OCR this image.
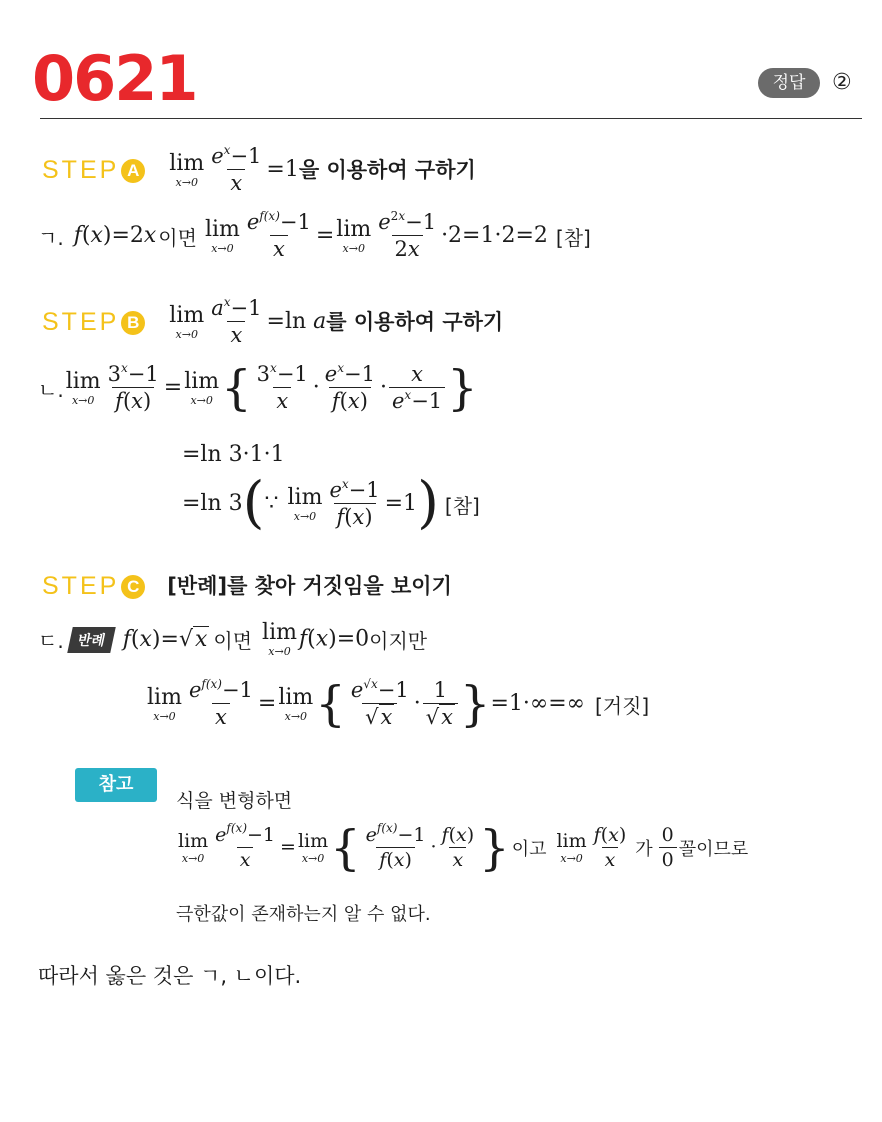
0621	정답	②
STEP A lim
$x\to 0 \frac{e^x-1}{x} =1$ 을 이용하여 구하기
ㄱ. f(x)=2x 이면 lim
$x\to 0 \frac{e^{f(x)}-1}{x} = \lim$
$x\to 0 \frac{e^{2x}-1}{2x} \cdot 2=1\cdot 2=2$ [참]
STEP B lim
$x\to 0 \frac{a^x-1}{x} =\ln$ a 를 이용하여 구하기
ㄴ. lim
$x\to 0 \frac{3^x-1}{f(x)} = \lim$
x→0 { $\frac{3^x-1}{x} \cdot \frac{e^x-1}{f(x)} \cdot \frac{x}{e^x-1}$ }
=ln 3·1·1
=ln 3(∵ lim
$x\to 0 \frac{e^x-1}{f(x)} =1$) [참]
STEP C [반례]를 찾아 거짓임을 보이기
ㄷ. 반례 f(x)=√x 이면 lim
x→0 f(x)=0 이지만
lim
$x\to 0 \frac{e^{f(x)}-1}{x} = \lim$
x→0 { $\frac{e^{√x}-1}{√x} \cdot \frac{1}{√x} \}=1\cdot\infty=\infty$ [거짓]
참고
식을 변형하면
lim
$x\to 0 \frac{e^{f(x)}-1}{x} = \lim$
x→0 { $\frac{e^{f(x)}-1}{f(x)} \cdot \frac{f(x)}{x}$ } 이고 lim
$x\to 0 \frac{f(x)}{x}$ 가 $\frac{0}{0}$ 꼴이므로
극한값이 존재하는지 알 수 없다.
따라서 옳은 것은 ㄱ, ㄴ이다.
